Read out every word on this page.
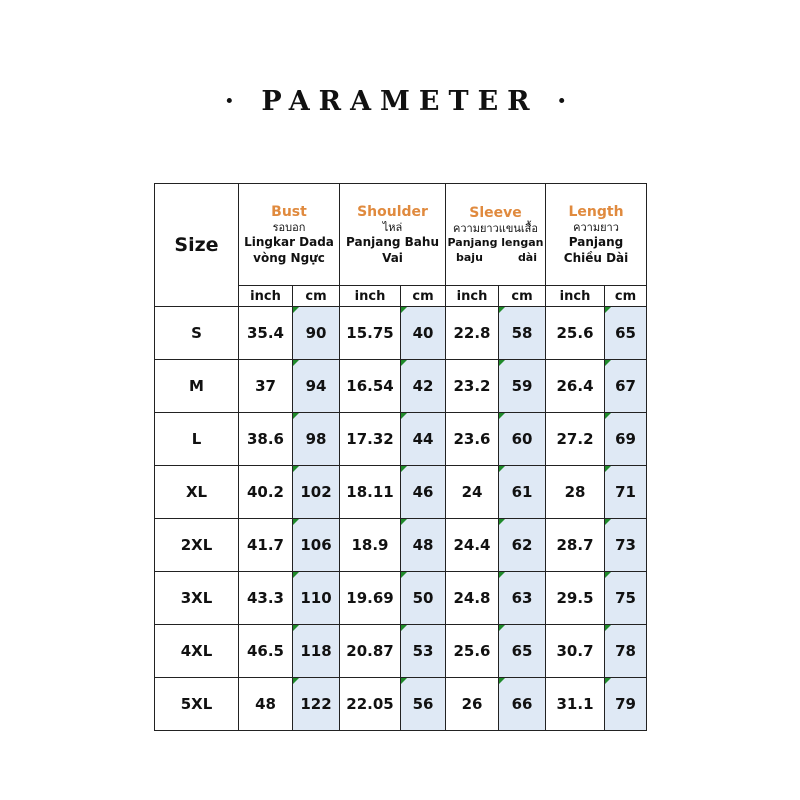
· PARAMETER ·
Size	Bust
รอบอก
Lingkar Dada
vòng Ngực		Shoulder
ไหล่
Panjang Bahu
Vai		Sleeve
ความยาวแขนเสื้อ
Panjang lengan
baju dài		Length
ความยาว
Panjang
Chiều Dài	

	inch	cm	inch	cm	inch	cm	inch	cm
S	35.4	90	15.75	40	22.8	58	25.6	65
M	37	94	16.54	42	23.2	59	26.4	67
L	38.6	98	17.32	44	23.6	60	27.2	69
XL	40.2	102	18.11	46	24	61	28	71
2XL	41.7	106	18.9	48	24.4	62	28.7	73
3XL	43.3	110	19.69	50	24.8	63	29.5	75
4XL	46.5	118	20.87	53	25.6	65	30.7	78
5XL	48	122	22.05	56	26	66	31.1	79
